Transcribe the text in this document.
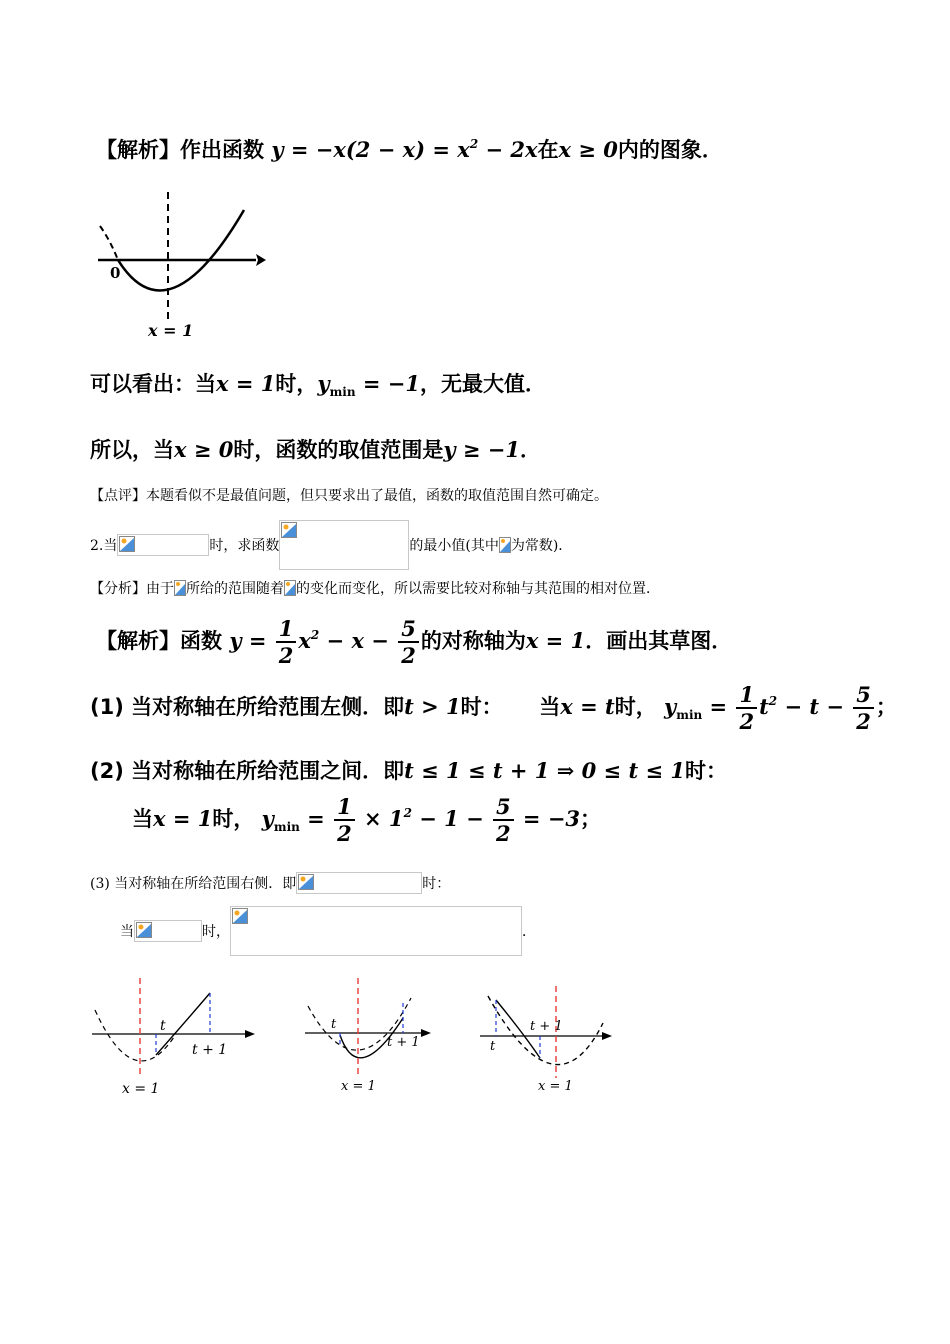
【解析】作出函数 $y = -x(2 - x) = x^2 - 2x$在x ≥ 0内的图象．
0
x = 1
可以看出：当x = 1时，$y_{min} = -1$，无最大值．
所以，当x ≥ 0时，函数的取值范围是y ≥ −1．
【点评】本题看似不是最值问题，但只要求出了最值，函数的取值范围自然可确定。
2.当	时，求函数	的最小值(其中 为常数)．
【分析】由于 所给的范围随着 的变化而变化，所以需要比较对称轴与其范围的相对位置．
【解析】函数 $y = \frac{1}{2} x^2 - x - \frac{5}{2}$ 的对称轴为x = 1．画出其草图．
(1) 当对称轴在所给范围左侧．即t > 1时： 当x = t时， $y_{min} = \frac{1}{2} t^2 - t - \frac{5}{2}$ ；
(2) 当对称轴在所给范围之间．即t ≤ 1 ≤ t + 1 ⇒ 0 ≤ t ≤ 1时：
当x = 1时， $y_{min} = \frac{1}{2} \times 1^2 - 1 - \frac{5}{2} = -3$；
(3) 当对称轴在所给范围右侧．即	时：
当	时，	．
t
t + 1
x = 1
t
t + 1
x = 1
t
t + 1
x = 1
